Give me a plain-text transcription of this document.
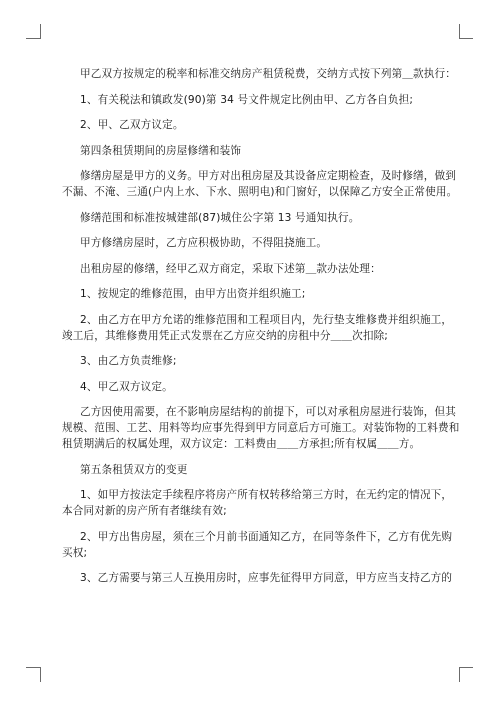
甲乙双方按规定的税率和标准交纳房产租赁税费，交纳方式按下列第＿款执行：
1、有关税法和镇政发(90)第 34 号文件规定比例由甲、乙方各自负担;
2、甲、乙双方议定。
第四条租赁期间的房屋修缮和装饰
修缮房屋是甲方的义务。甲方对出租房屋及其设备应定期检查，及时修缮，做到
不漏、不淹、三通(户内上水、下水、照明电)和门窗好，以保障乙方安全正常使用。
修缮范围和标准按城建部(87)城住公字第 13 号通知执行。
甲方修缮房屋时，乙方应积极协助，不得阻挠施工。
出租房屋的修缮，经甲乙双方商定，采取下述第＿款办法处理：
1、按规定的维修范围，由甲方出资并组织施工;
2、由乙方在甲方允诺的维修范围和工程项目内，先行垫支维修费并组织施工，
竣工后，其维修费用凭正式发票在乙方应交纳的房租中分＿＿次扣除;
3、由乙方负责维修;
4、甲乙双方议定。
乙方因使用需要，在不影响房屋结构的前提下，可以对承租房屋进行装饰，但其
规模、范围、工艺、用料等均应事先得到甲方同意后方可施工。对装饰物的工料费和
租赁期满后的权属处理，双方议定：工料费由＿＿方承担;所有权属＿＿方。
第五条租赁双方的变更
1、如甲方按法定手续程序将房产所有权转移给第三方时，在无约定的情况下，
本合同对新的房产所有者继续有效;
2、甲方出售房屋，须在三个月前书面通知乙方，在同等条件下，乙方有优先购
买权;
3、乙方需要与第三人互换用房时，应事先征得甲方同意，甲方应当支持乙方的
